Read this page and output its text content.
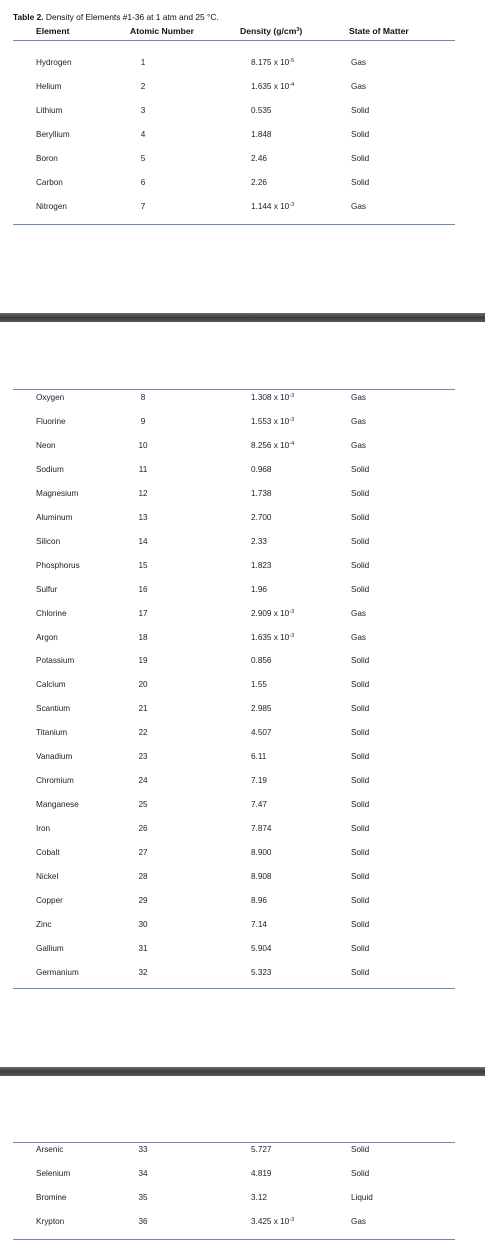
Table 2. Density of Elements #1-36 at 1 atm and 25 °C.
Element	Atomic Number	Density $(g/cm^3)$	State of Matter
Hydrogen	1	8.175 x $10^{-5}$	Gas
Helium	2	1.635 x $10^{-4}$	Gas
Lithium	3	0.535	Solid
Beryllium	4	1.848	Solid
Boron	5	2.46	Solid
Carbon	6	2.26	Solid
Nitrogen	7	1.144 x $10^{-3}$	Gas
Oxygen	8	1.308 x $10^{-3}$	Gas
Fluorine	9	1.553 x $10^{-3}$	Gas
Neon	10	8.256 x $10^{-4}$	Gas
Sodium	11	0.968	Solid
Magnesium	12	1.738	Solid
Aluminum	13	2.700	Solid
Silicon	14	2.33	Solid
Phosphorus	15	1.823	Solid
Sulfur	16	1.96	Solid
Chlorine	17	2.909 x $10^{-3}$	Gas
Argon	18	1.635 x $10^{-3}$	Gas
Potassium	19	0.856	Solid
Calcium	20	1.55	Solid
Scantium	21	2.985	Solid
Titanium	22	4.507	Solid
Vanadium	23	6.11	Solid
Chromium	24	7.19	Solid
Manganese	25	7.47	Solid
Iron	26	7.874	Solid
Cobalt	27	8.900	Solid
Nickel	28	8.908	Solid
Copper	29	8.96	Solid
Zinc	30	7.14	Solid
Gallium	31	5.904	Solid
Germanium	32	5.323	Solid
Arsenic	33	5.727	Solid
Selenium	34	4.819	Solid
Bromine	35	3.12	Liquid
Krypton	36	3.425 x $10^{-3}$	Gas
